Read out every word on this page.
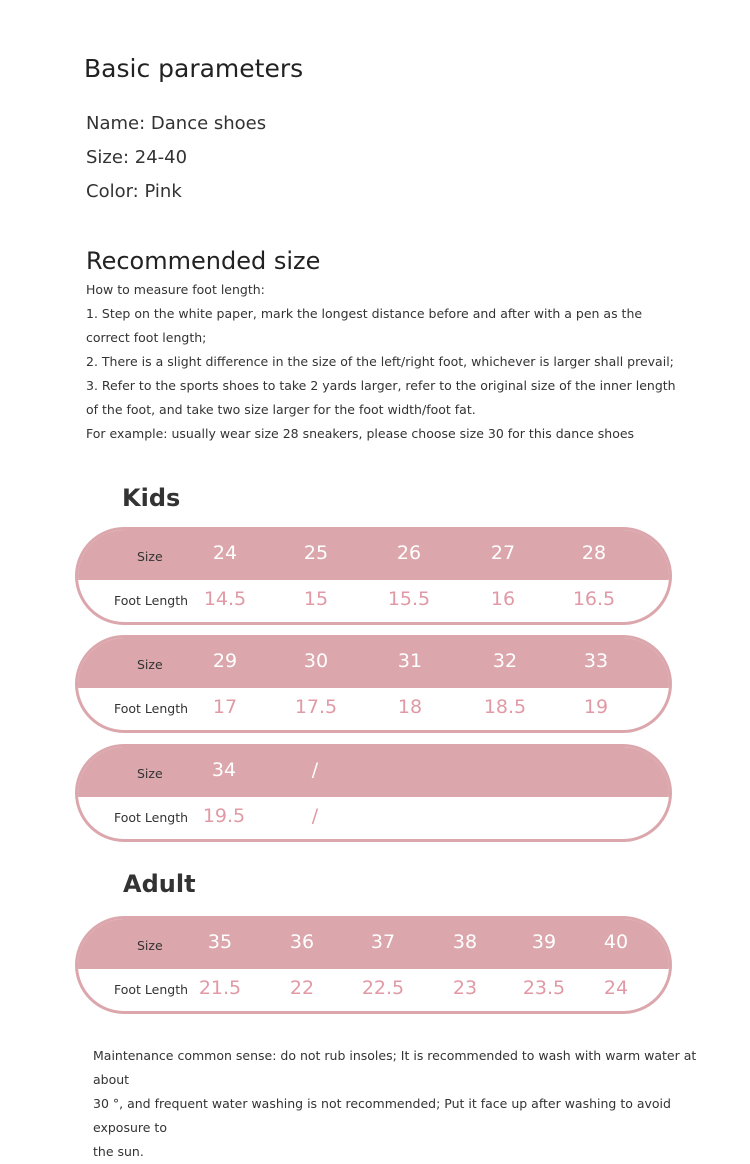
Basic parameters
Name: Dance shoes
Size: 24-40
Color: Pink
Recommended size
How to measure foot length:
1. Step on the white paper, mark the longest distance before and after with a pen as the
correct foot length;
2. There is a slight difference in the size of the left/right foot, whichever is larger shall prevail;
3. Refer to the sports shoes to take 2 yards larger, refer to the original size of the inner length
of the foot, and take two size larger for the foot width/foot fat.
For example: usually wear size 28 sneakers, please choose size 30 for this dance shoes
Kids
Size	24	25	26	27	28
Foot Length 14.5	15	15.5	16	16.5
Size	29	30	31	32	33
Foot Length	17	17.5	18	18.5	19
Size	34	/
Foot Length 19.5	/
Adult
Size	35	36	37	38	39	40
Foot Length 21.5	22	22.5	23	23.5	24
Maintenance common sense: do not rub insoles; It is recommended to wash with warm water at about
30 °, and frequent water washing is not recommended; Put it face up after washing to avoid exposure to
the sun.
